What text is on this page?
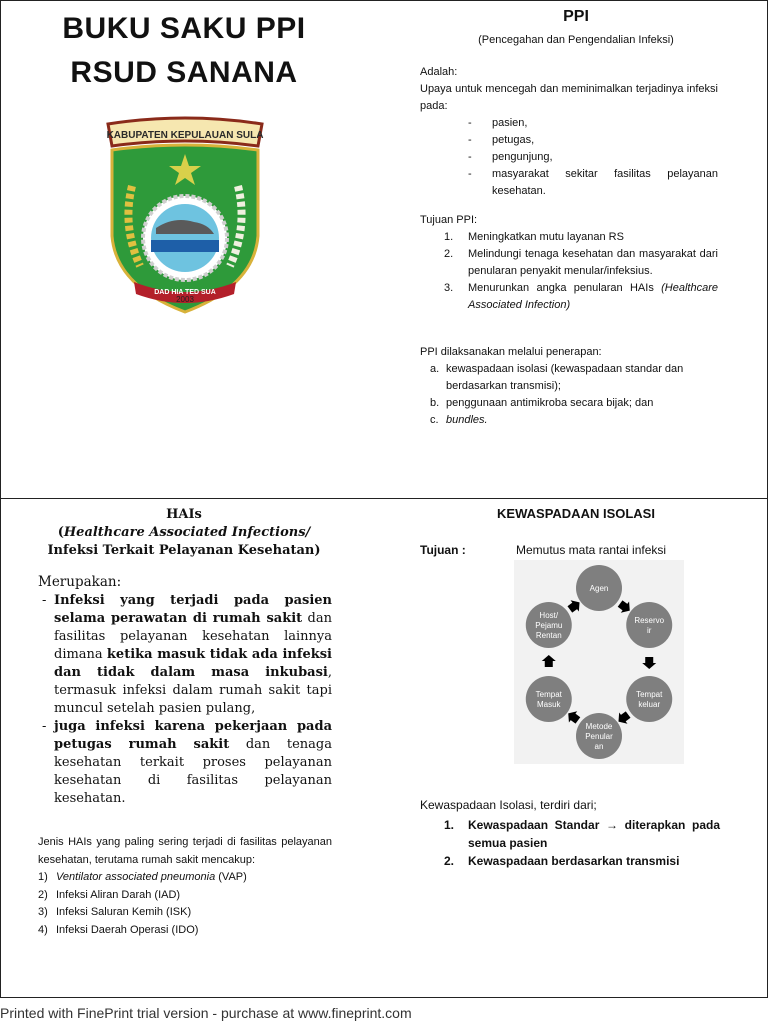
BUKU SAKU PPI
RSUD SANANA
KABUPATEN KEPULAUAN SULA
DAD HIA TED SUA
2003
PPI
(Pencegahan dan Pengendalian Infeksi)
Adalah:
Upaya untuk mencegah dan meminimalkan terjadinya infeksi pada:
- pasien,
- petugas,
- pengunjung,
- masyarakat sekitar fasilitas pelayanan kesehatan.
Tujuan PPI:
1. Meningkatkan mutu layanan RS
2. Melindungi tenaga kesehatan dan masyarakat dari penularan penyakit menular/infeksius.
3. Menurunkan angka penularan HAIs (Healthcare Associated Infection)
PPI dilaksanakan melalui penerapan:
a. kewaspadaan isolasi (kewaspadaan standar dan berdasarkan transmisi);
b. penggunaan antimikroba secara bijak; dan
c. bundles.
HAIs
(Healthcare Associated Infections/
Infeksi Terkait Pelayanan Kesehatan)
Merupakan:

- Infeksi yang terjadi pada pasien selama perawatan di rumah sakit dan fasilitas pelayanan kesehatan lainnya dimana ketika masuk tidak ada infeksi dan tidak dalam masa inkubasi, termasuk infeksi dalam rumah sakit tapi muncul setelah pasien pulang,

- juga infeksi karena pekerjaan pada petugas rumah sakit dan tenaga kesehatan terkait proses pelayanan kesehatan di fasilitas pelayanan kesehatan.

Jenis HAIs yang paling sering terjadi di fasilitas pelayanan kesehatan, terutama rumah sakit mencakup:
1) Ventilator associated pneumonia (VAP)
2) Infeksi Aliran Darah (IAD)
3) Infeksi Saluran Kemih (ISK)
4) Infeksi Daerah Operasi (IDO)
KEWASPADAAN ISOLASI
Tujuan :	Memutus mata rantai infeksi
Agen
Reservo ir
Tempat keluar
Metode Penular an
Tempat Masuk
Host/ Pejamu Rentan
Kewaspadaan Isolasi, terdiri dari;
1. Kewaspadaan Standar → diterapkan pada semua pasien
2. Kewaspadaan berdasarkan transmisi
Printed with FinePrint trial version - purchase at www.fineprint.com
